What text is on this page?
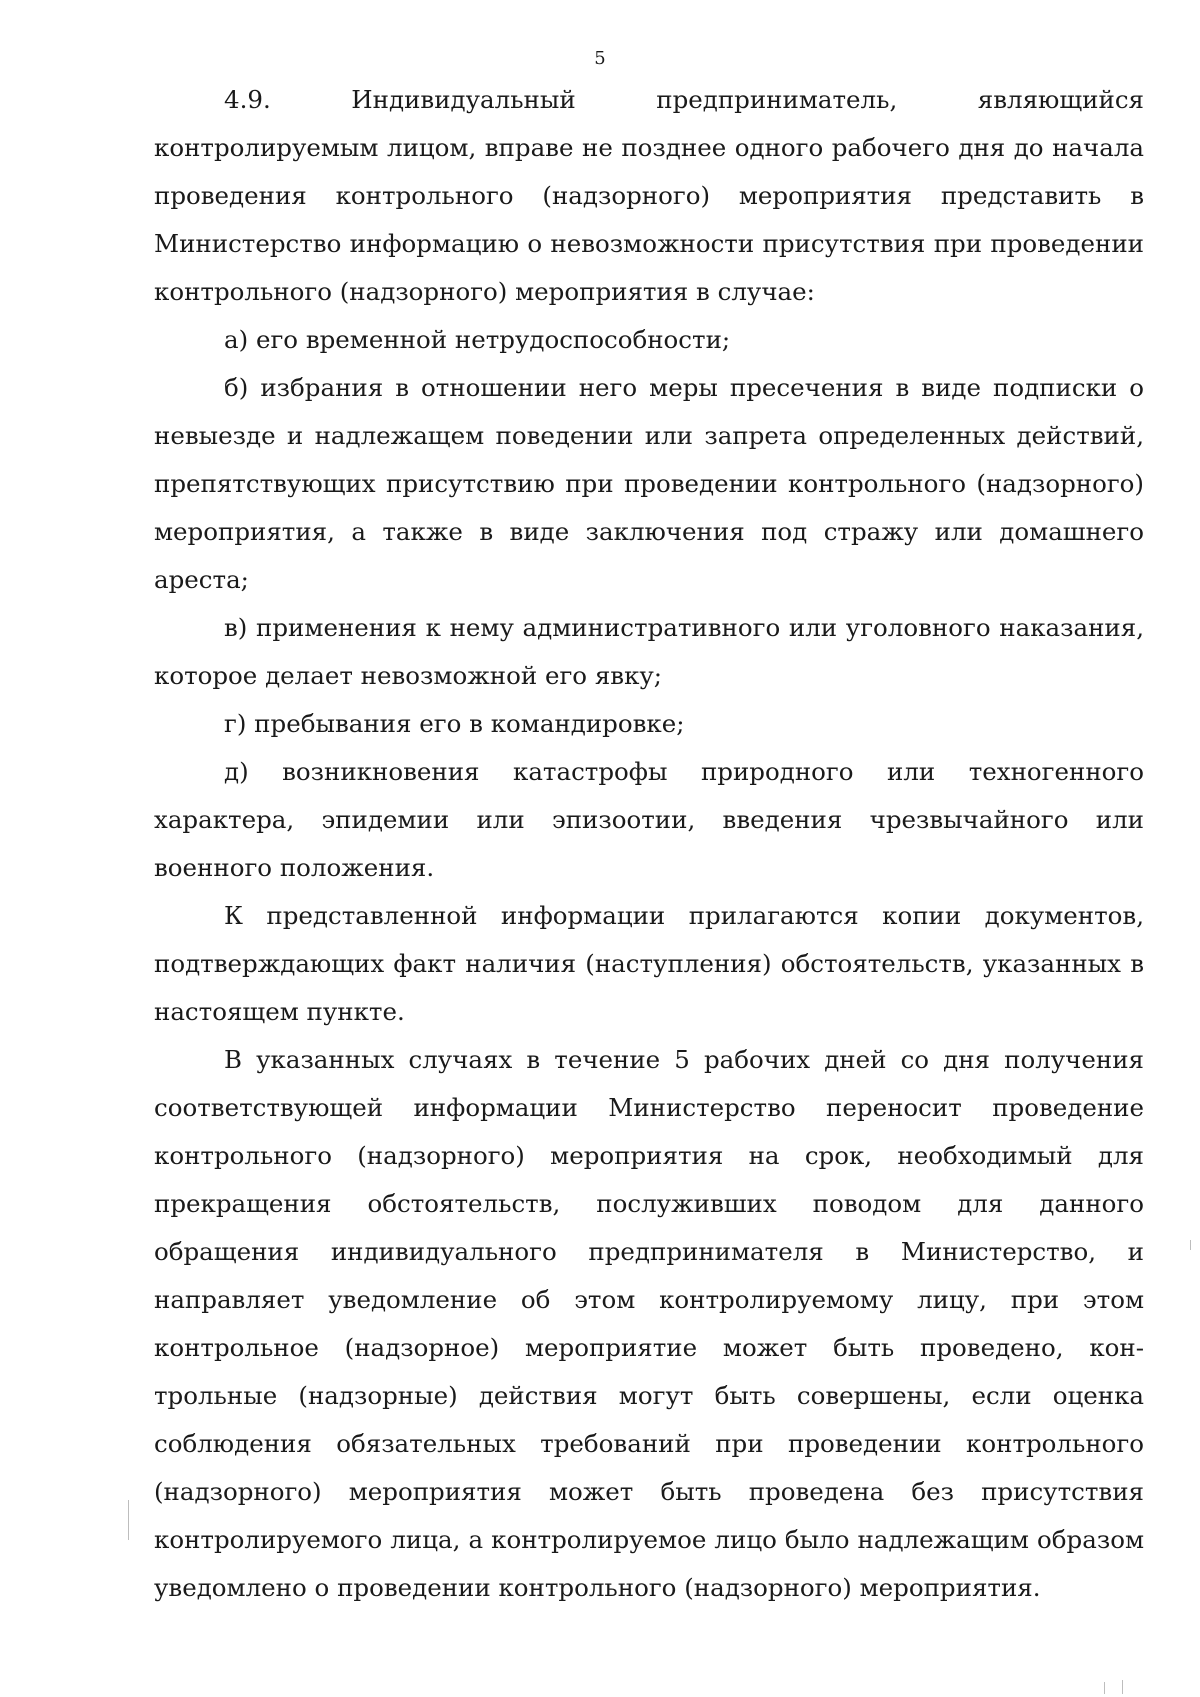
5

4.9. Индивидуальный предприниматель, являющийся контролируемым лицом, вправе не позднее одного рабочего дня до начала проведения контрольного (надзорного) мероприятия представить в Министерство информацию о невозможности присутствия при проведении контрольного (надзорного) мероприятия в случае:

а) его временной нетрудоспособности;

б) избрания в отношении него меры пресечения в виде подписки о невыезде и надлежащем поведении или запрета определенных действий, препятствующих присутствию при проведении контрольного (надзорного) мероприятия, а также в виде заключения под стражу или домашнего ареста;

в) применения к нему административного или уголовного наказания, которое делает невозможной его явку;

г) пребывания его в командировке;

д) возникновения катастрофы природного или техногенного характера, эпидемии или эпизоотии, введения чрезвычайного или военного положения.

К представленной информации прилагаются копии документов, подтверждающих факт наличия (наступления) обстоятельств, указанных в настоящем пункте.

В указанных случаях в течение 5 рабочих дней со дня получения соответствующей информации Министерство переносит проведение контрольного (надзорного) мероприятия на срок, необходимый для прекращения обстоятельств, послуживших поводом для данного обращения индивидуального предпринимателя в Министерство, и направляет уведомление об этом контролируемому лицу, при этом контрольное (надзорное) мероприятие может быть проведено, контрольные (надзорные) действия могут быть совершены, если оценка соблюдения обязательных требований при проведении контрольного (надзорного) мероприятия может быть проведена без присутствия контролируемого лица, а контролируемое лицо было надлежащим образом уведомлено о проведении контрольного (надзорного) мероприятия.
